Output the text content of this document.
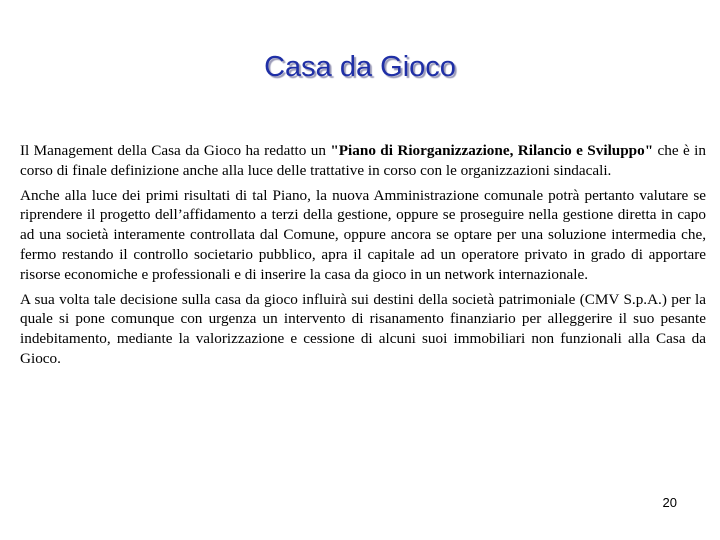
Casa da Gioco

Il Management della Casa da Gioco ha redatto un "Piano di Riorganizzazione, Rilancio e Sviluppo" che è in corso di finale definizione anche alla luce delle trattative in corso con le organizzazioni sindacali.

Anche alla luce dei primi risultati di tal Piano, la nuova Amministrazione comunale potrà pertanto valutare se riprendere il progetto dell’affidamento a terzi della gestione, oppure se proseguire nella gestione diretta in capo ad una società interamente controllata dal Comune, oppure ancora se optare per una soluzione intermedia che, fermo restando il controllo societario pubblico, apra il capitale ad un operatore privato in grado di apportare risorse economiche e professionali e di inserire la casa da gioco in un network internazionale.

A sua volta tale decisione sulla casa da gioco influirà sui destini della società patrimoniale (CMV S.p.A.) per la quale si pone comunque con urgenza un intervento di risanamento finanziario per alleggerire il suo pesante indebitamento, mediante la valorizzazione e cessione di alcuni suoi immobiliari non funzionali alla Casa da Gioco.

20
